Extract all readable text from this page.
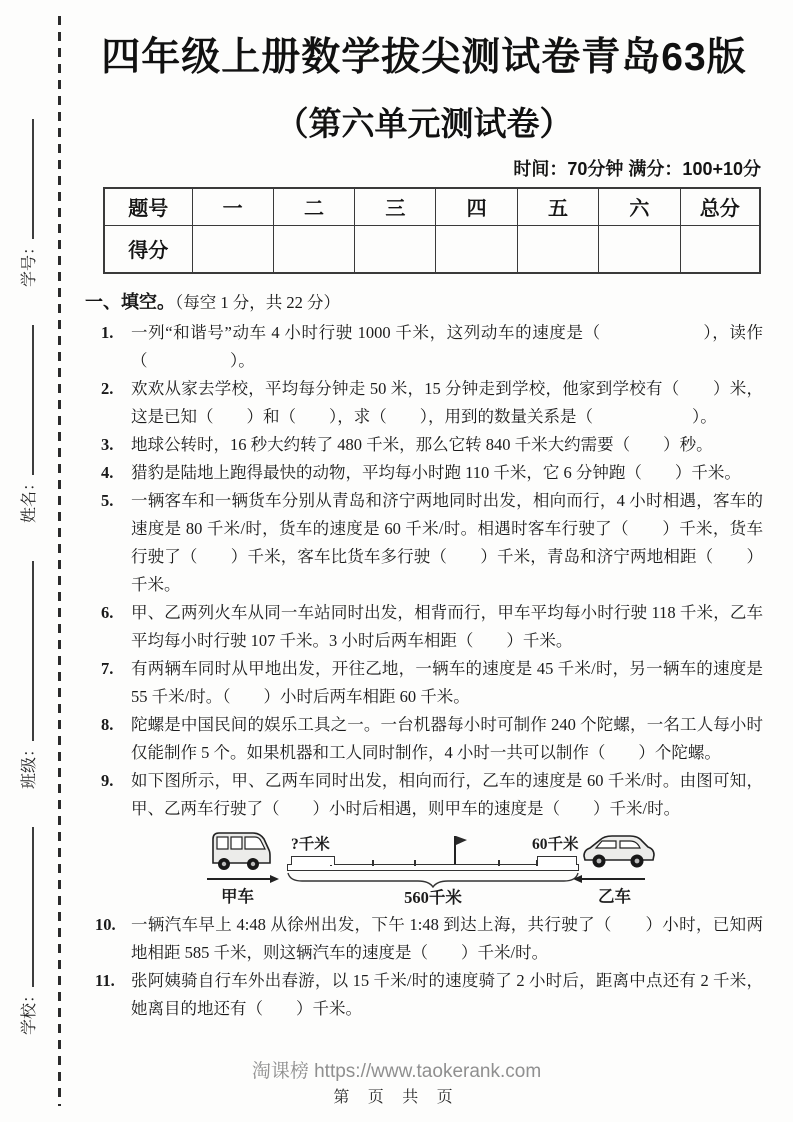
学校：
班级：
姓名：
学号：
四年级上册数学拔尖测试卷青岛63版
（第六单元测试卷）
时间：70分钟 满分：100+10分
题号	一	二	三	四	五	六	总分
得分							
一、填空。（每空 1 分，共 22 分）
1. 一列“和谐号”动车 4 小时行驶 1000 千米，这列动车的速度是（　　　　　　），读作（　　　　　）。
2. 欢欢从家去学校，平均每分钟走 50 米，15 分钟走到学校，他家到学校有（　　）米，这是已知（　　）和（　　），求（　　），用到的数量关系是（　　　　　　）。
3. 地球公转时，16 秒大约转了 480 千米，那么它转 840 千米大约需要（　　）秒。
4. 猎豹是陆地上跑得最快的动物，平均每小时跑 110 千米，它 6 分钟跑（　　）千米。
5. 一辆客车和一辆货车分别从青岛和济宁两地同时出发，相向而行，4 小时相遇，客车的速度是 80 千米/时，货车的速度是 60 千米/时。相遇时客车行驶了（　　）千米，货车行驶了（　　）千米，客车比货车多行驶（　　）千米，青岛和济宁两地相距（　　）千米。
6. 甲、乙两列火车从同一车站同时出发，相背而行，甲车平均每小时行驶 118 千米，乙车平均每小时行驶 107 千米。3 小时后两车相距（　　）千米。
7. 有两辆车同时从甲地出发，开往乙地，一辆车的速度是 45 千米/时，另一辆车的速度是 55 千米/时。（　　）小时后两车相距 60 千米。
8. 陀螺是中国民间的娱乐工具之一。一台机器每小时可制作 240 个陀螺，一名工人每小时仅能制作 5 个。如果机器和工人同时制作，4 小时一共可以制作（　　）个陀螺。
9. 如下图所示，甲、乙两车同时出发，相向而行，乙车的速度是 60 千米/时。由图可知，甲、乙两车行驶了（　　）小时后相遇，则甲车的速度是（　　）千米/时。
甲车
?千米	60千米
560千米	乙车
10. 一辆汽车早上 4:48 从徐州出发，下午 1:48 到达上海，共行驶了（　　）小时，已知两地相距 585 千米，则这辆汽车的速度是（　　）千米/时。
11. 张阿姨骑自行车外出春游，以 15 千米/时的速度骑了 2 小时后，距离中点还有 2 千米，她离目的地还有（　　）千米。
淘课榜 https://www.taokerank.com
第 页 共 页
